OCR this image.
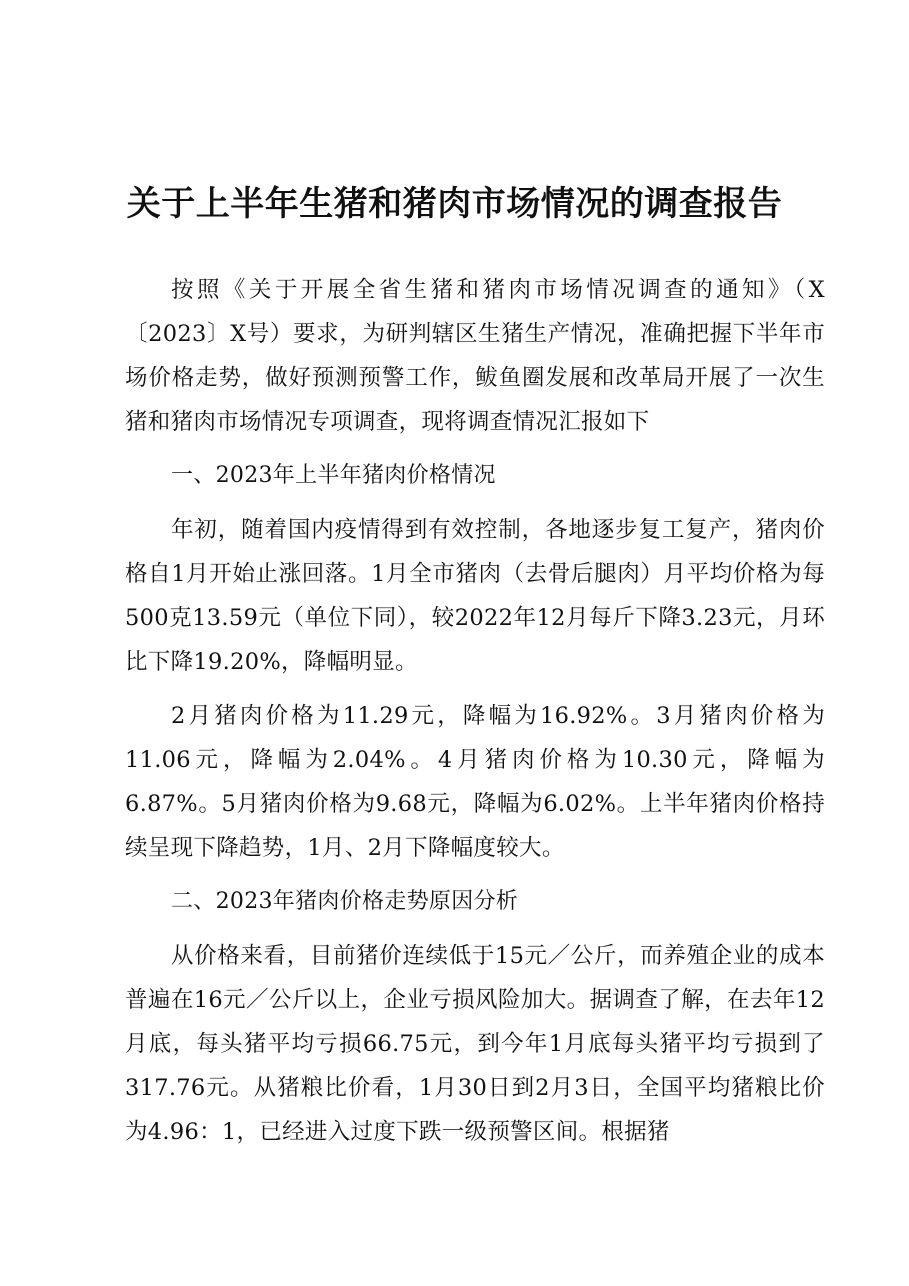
关于上半年生猪和猪肉市场情况的调查报告

按照《关于开展全省生猪和猪肉市场情况调查的通知》（X〔2023〕X号）要求，为研判辖区生猪生产情况，准确把握下半年市场价格走势，做好预测预警工作，鲅鱼圈发展和改革局开展了一次生猪和猪肉市场情况专项调查，现将调查情况汇报如下

一、2023年上半年猪肉价格情况

年初，随着国内疫情得到有效控制，各地逐步复工复产，猪肉价格自1月开始止涨回落。1月全市猪肉（去骨后腿肉）月平均价格为每500克13.59元（单位下同），较2022年12月每斤下降3.23元，月环比下降19.20%，降幅明显。

2月猪肉价格为11.29元，降幅为16.92%。3月猪肉价格为11.06元，降幅为2.04%。4月猪肉价格为10.30元，降幅为6.87%。5月猪肉价格为9.68元，降幅为6.02%。上半年猪肉价格持续呈现下降趋势，1月、2月下降幅度较大。

二、2023年猪肉价格走势原因分析

从价格来看，目前猪价连续低于15元／公斤，而养殖企业的成本普遍在16元／公斤以上，企业亏损风险加大。据调查了解，在去年12月底，每头猪平均亏损66.75元，到今年1月底每头猪平均亏损到了317.76元。从猪粮比价看，1月30日到2月3日，全国平均猪粮比价为4.96：1，已经进入过度下跌一级预警区间。根据猪
